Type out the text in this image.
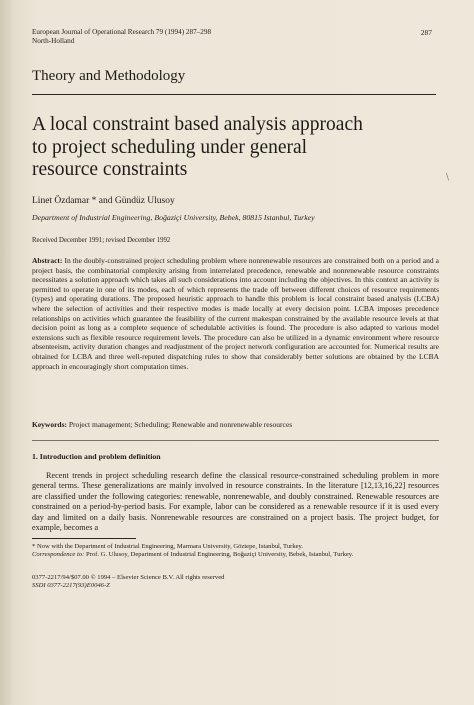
European Journal of Operational Research 79 (1994) 287–298
North-Holland
287
Theory and Methodology
A local constraint based analysis approach
to project scheduling under general
resource constraints	∖
Linet Özdamar * and Gündüz Ulusoy
Department of Industrial Engineering, Boğaziçi University, Bebek, 80815 Istanbul, Turkey
Received December 1991; revised December 1992
Abstract: In the doubly-constrained project scheduling problem where nonrenewable resources are constrained both on a period and a project basis, the combinatorial complexity arising from interrelated precedence, renewable and nonrenewable resource constraints necessitates a solution approach which takes all such considerations into account including the objectives. In this context an activity is permitted to operate in one of its modes, each of which represents the trade off between different choices of resource requirements (types) and operating durations. The proposed heuristic approach to handle this problem is local constraint based analysis (LCBA) where the selection of activities and their respective modes is made locally at every decision point. LCBA imposes precedence relationships on activities which guarantee the feasibility of the current makespan constrained by the available resource levels at that decision point as long as a complete sequence of schedulable activities is found. The procedure is also adapted to various model extensions such as flexible resource requirement levels. The procedure can also be utilized in a dynamic environment where resource absenteeism, activity duration changes and readjustment of the project network configuration are accounted for. Numerical results are obtained for LCBA and three well-reputed dispatching rules to show that considerably better solutions are obtained by the LCBA approach in encouragingly short computation times.
Keywords: Project management; Scheduling; Renewable and nonrenewable resources
1. Introduction and problem definition
Recent trends in project scheduling research define the classical resource-constrained scheduling problem in more general terms. These generalizations are mainly involved in resource constraints. In the literature [12,13,16,22] resources are classified under the following categories: renewable, nonrenewable, and doubly constrained. Renewable resources are constrained on a period-by-period basis. For example, labor can be considered as a renewable resource if it is used every day and limited on a daily basis. Nonrenewable resources are constrained on a project basis. The project budget, for example, becomes a
* Now with the Department of Industrial Engineering, Marmara University, Göztepe, Istanbul, Turkey.
Correspondence to: Prof. G. Ulusoy, Department of Industrial Engineering, Boğaziçi University, Bebek, Istanbul, Turkey.
0377-2217/94/$07.00 © 1994 – Elsevier Science B.V. All rights reserved
SSDI 0377-2217(93)E0046-Z
